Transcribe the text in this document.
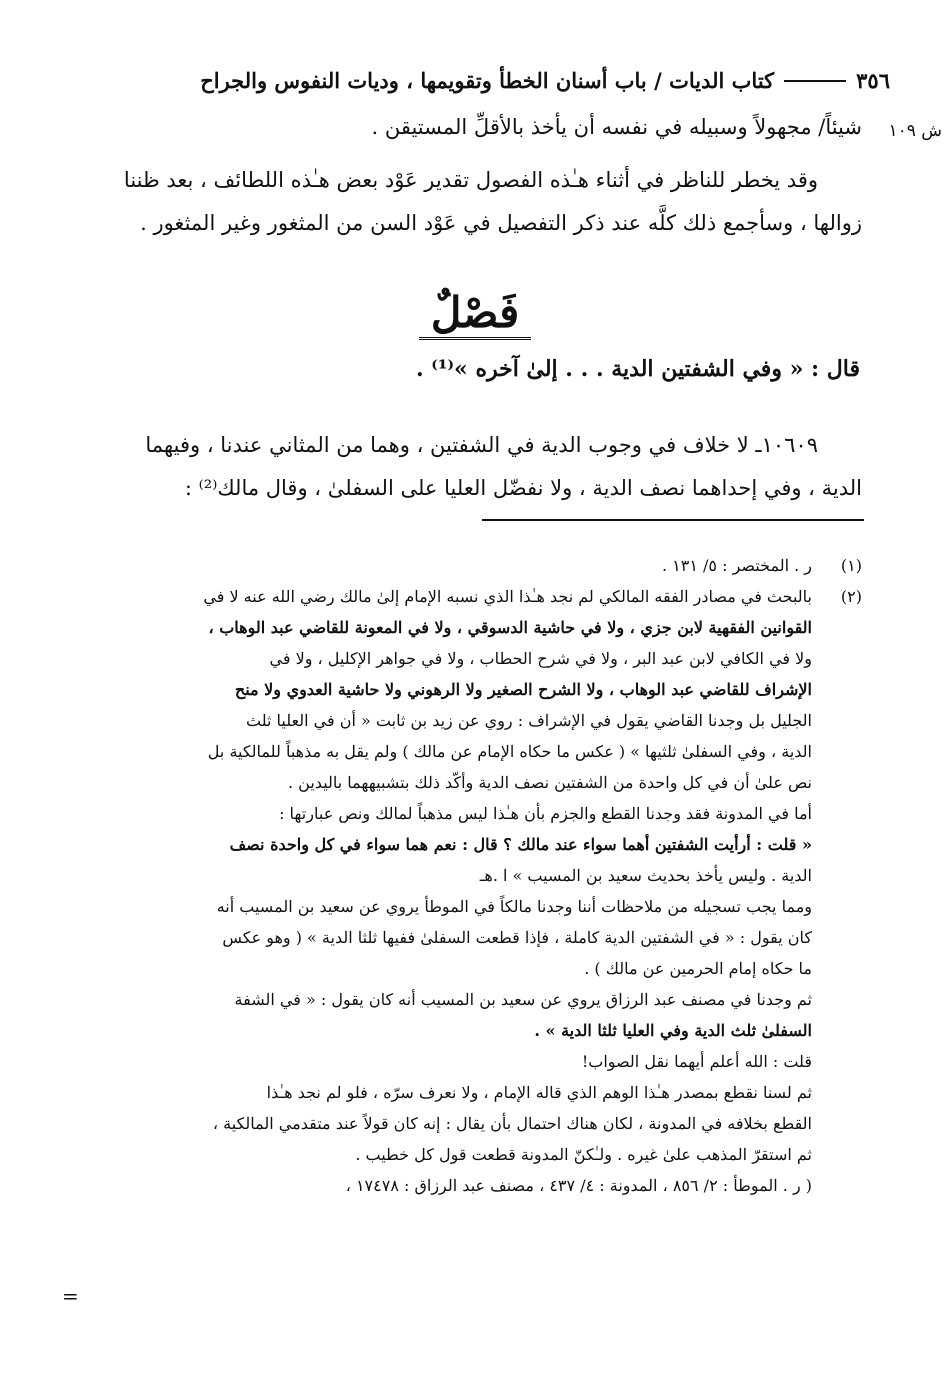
٣٥٦
كتاب الديات / باب أسنان الخطأ وتقويمها ، وديات النفوس والجراح
ش ١٠٩
شيئاً/ مجهولاً وسبيله في نفسه أن يأخذ بالأقلِّ المستيقن .
وقد يخطر للناظر في أثناء هـٰذه الفصول تقدير عَوْد بعض هـٰذه اللطائف ، بعد ظننا
زوالها ، وسأجمع ذلك كلَّه عند ذكر التفصيل في عَوْد السن من المثغور وغير المثغور .
فَصْلٌ
قال : « وفي الشفتين الدية . . . إلىٰ آخره »⁽¹⁾ .
١٠٦٠٩ـ لا خلاف في وجوب الدية في الشفتين ، وهما من المثاني عندنا ، وفيهما
الدية ، وفي إحداهما نصف الدية ، ولا نفضّل العليا على السفلىٰ ، وقال مالك⁽²⁾ :
(١)
ر . المختصر : ٥/ ١٣١ .
(٢)
بالبحث في مصادر الفقه المالكي لم نجد هـٰذا الذي نسبه الإمام إلىٰ مالك رضي الله عنه لا في
القوانين الفقهية لابن جزي ، ولا في حاشية الدسوقي ، ولا في المعونة للقاضي عبد الوهاب ،
ولا في الكافي لابن عبد البر ، ولا في شرح الحطاب ، ولا في جواهر الإكليل ، ولا في
الإشراف للقاضي عبد الوهاب ، ولا الشرح الصغير ولا الرهوني ولا حاشية العدوي ولا منح
الجليل بل وجدنا القاضي يقول في الإشراف : روي عن زيد بن ثابت « أن في العليا ثلث
الدية ، وفي السفلىٰ ثلثيها » ( عكس ما حكاه الإمام عن مالك ) ولم يقل به مذهباً للمالكية بل
نص علىٰ أن في كل واحدة من الشفتين نصف الدية وأكّد ذلك بتشبيههما باليدين .
أما في المدونة فقد وجدنا القطع والجزم بأن هـٰذا ليس مذهباً لمالك ونص عبارتها :
« قلت : أرأيت الشفتين أهما سواء عند مالك ؟ قال : نعم هما سواء في كل واحدة نصف
الدية . وليس يأخذ بحديث سعيد بن المسيب » ا .هـ
ومما يجب تسجيله من ملاحظات أننا وجدنا مالكاً في الموطأ يروي عن سعيد بن المسيب أنه
كان يقول : « في الشفتين الدية كاملة ، فإذا قطعت السفلىٰ ففيها ثلثا الدية » ( وهو عكس
ما حكاه إمام الحرمين عن مالك ) .
ثم وجدنا في مصنف عبد الرزاق يروي عن سعيد بن المسيب أنه كان يقول : « في الشفة
السفلىٰ ثلث الدية وفي العليا ثلثا الدية » .
قلت : الله أعلم أيهما نقل الصواب!
ثم لسنا نقطع بمصدر هـٰذا الوهم الذي قاله الإمام ، ولا نعرف سرّه ، فلو لم نجد هـٰذا
القطع بخلافه في المدونة ، لكان هناك احتمال بأن يقال : إنه كان قولاً عند متقدمي المالكية ،
ثم استقرّ المذهب علىٰ غيره . ولـٰكنّ المدونة قطعت قول كل خطيب .
( ر . الموطأ : ٢/ ٨٥٦ ، المدونة : ٤/ ٤٣٧ ، مصنف عبد الرزاق : ١٧٤٧٨ ،
=
